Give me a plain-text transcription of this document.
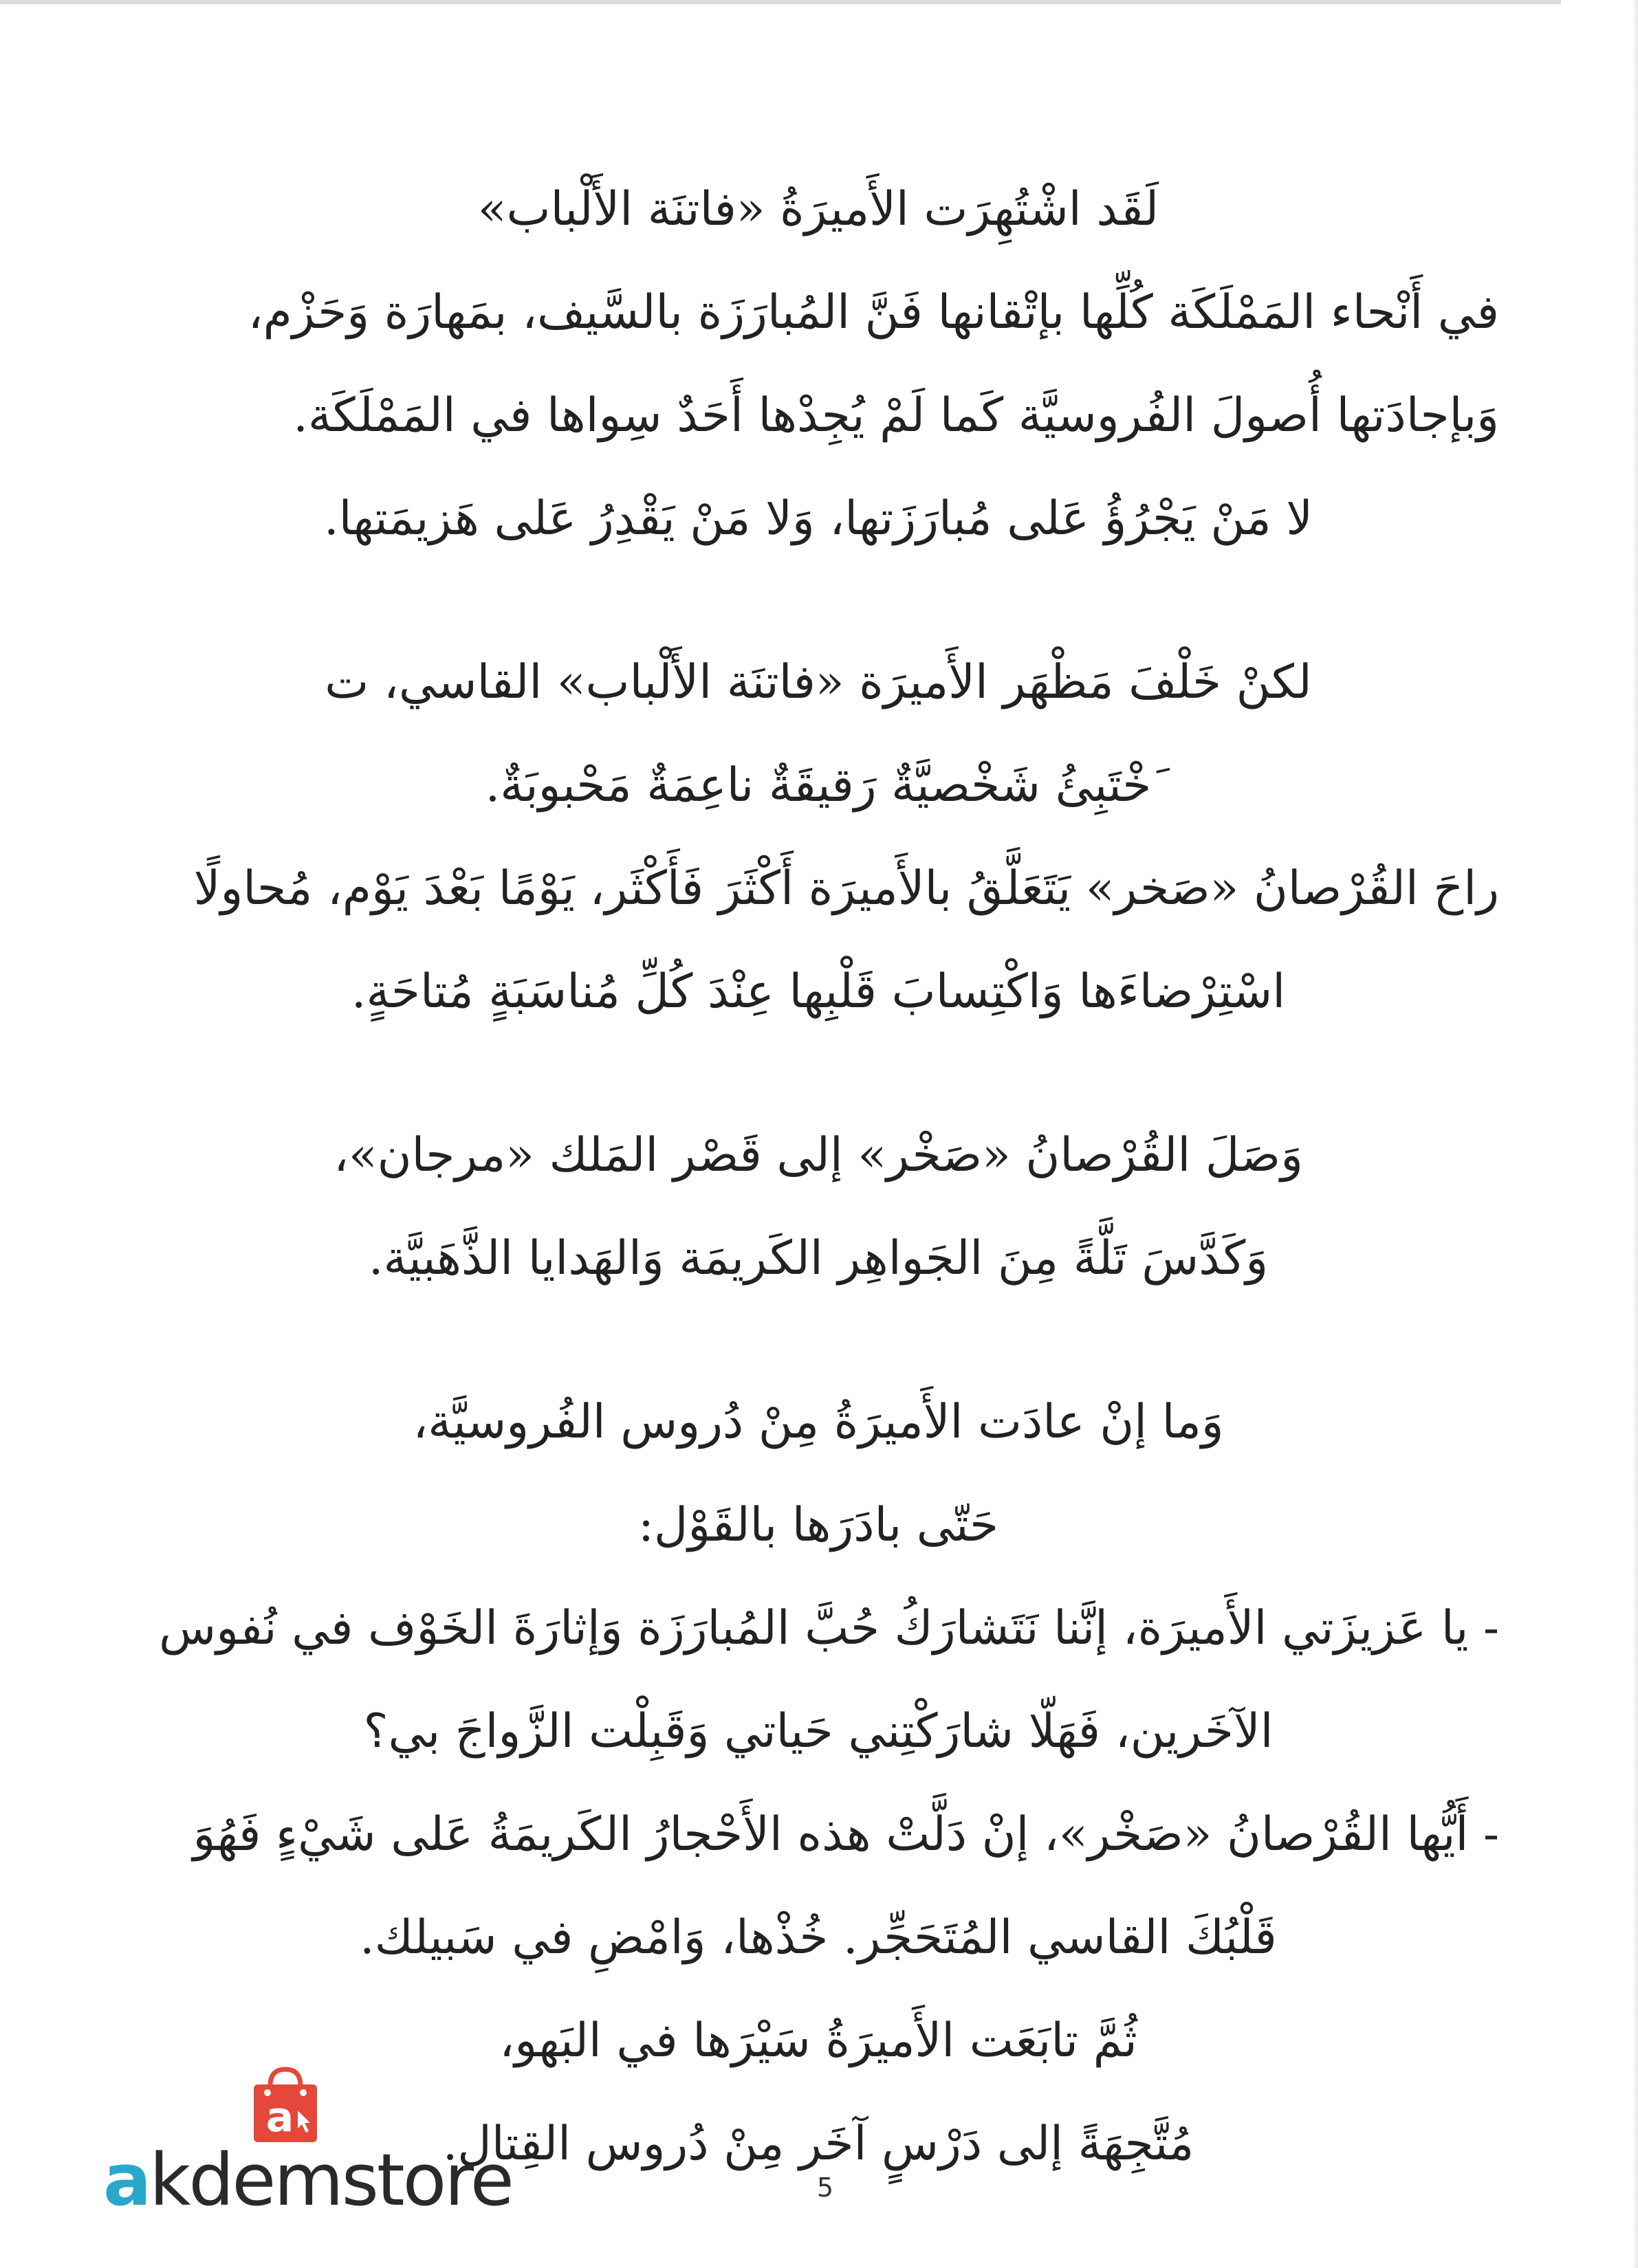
لَقَد اشْتُهِرَت الأَميرَةُ «فاتنَة الأَلْباب»
في أَنْحاء المَمْلَكَة كُلِّها بإتْقانها فَنَّ المُبارَزَة بالسَّيف، بمَهارَة وَحَزْم،
وَبإجادَتها أُصولَ الفُروسيَّة كَما لَمْ يُجِدْها أَحَدٌ سِواها في المَمْلَكَة.
لا مَنْ يَجْرُؤُ عَلى مُبارَزَتها، وَلا مَنْ يَقْدِرُ عَلى هَزيمَتها.
لكنْ خَلْفَ مَظْهَر الأَميرَة «فاتنَة الأَلْباب» القاسي، ت
َخْتَبِئُ شَخْصيَّةٌ رَقيقَةٌ ناعِمَةٌ مَحْبوبَةٌ.
راحَ القُرْصانُ «صَخر» يَتَعَلَّقُ بالأَميرَة أَكْثَرَ فَأَكْثَر، يَوْمًا بَعْدَ يَوْم، مُحاولًا
اسْتِرْضاءَها وَاكْتِسابَ قَلْبِها عِنْدَ كُلِّ مُناسَبَةٍ مُتاحَةٍ.
وَصَلَ القُرْصانُ «صَخْر» إلى قَصْر المَلك «مرجان»،
وَكَدَّسَ تَلَّةً مِنَ الجَواهِر الكَريمَة وَالهَدايا الذَّهَبيَّة.
وَما إنْ عادَت الأَميرَةُ مِنْ دُروس الفُروسيَّة،
حَتّى بادَرَها بالقَوْل:
- يا عَزيزَتي الأَميرَة، إنَّنا نَتَشارَكُ حُبَّ المُبارَزَة وَإثارَةَ الخَوْف في نُفوس
الآخَرين، فَهَلّا شارَكْتِني حَياتي وَقَبِلْت الزَّواجَ بي؟
- أَيُّها القُرْصانُ «صَخْر»، إنْ دَلَّتْ هذه الأَحْجارُ الكَريمَةُ عَلى شَيْءٍ فَهُوَ
قَلْبُكَ القاسي المُتَحَجِّر. خُذْها، وَامْضِ في سَبيلك.
ثُمَّ تابَعَت الأَميرَةُ سَيْرَها في البَهو،
مُتَّجِهَةً إلى دَرْسٍ آخَر مِنْ دُروس القِتال.
a
akdemstore	5
